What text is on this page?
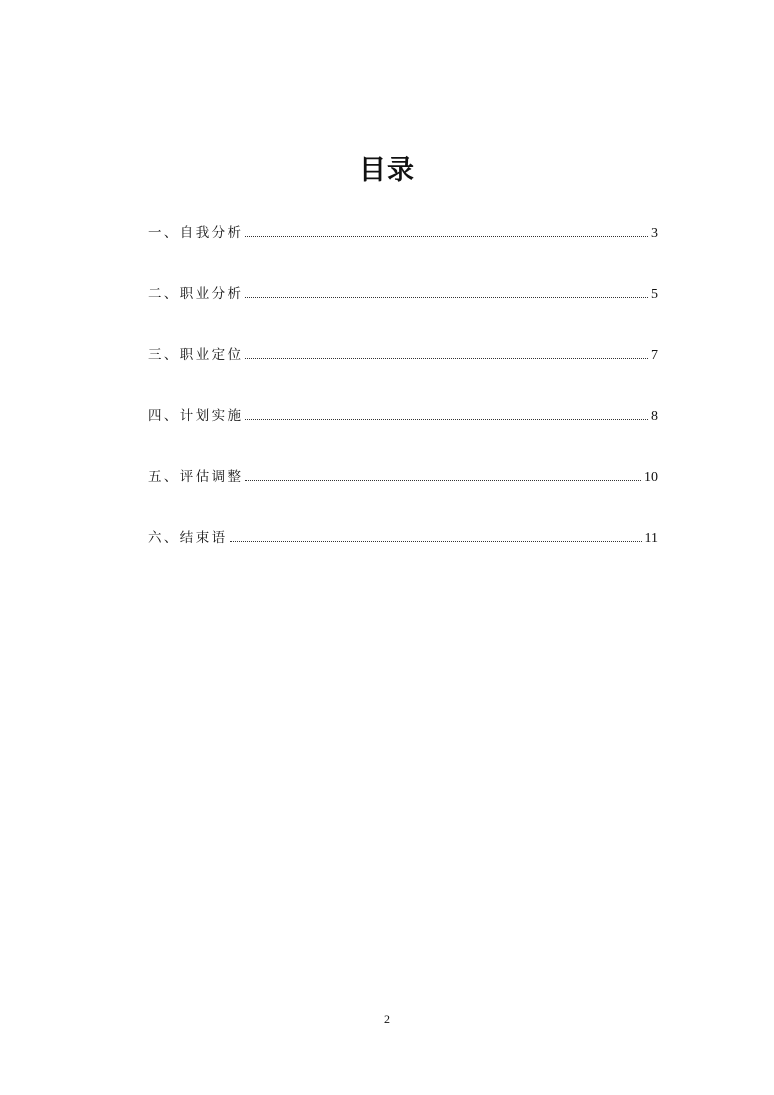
目录
一、自我分析	3
二、职业分析	5
三、职业定位	7
四、计划实施	8
五、评估调整	10
六、结束语	11
2
